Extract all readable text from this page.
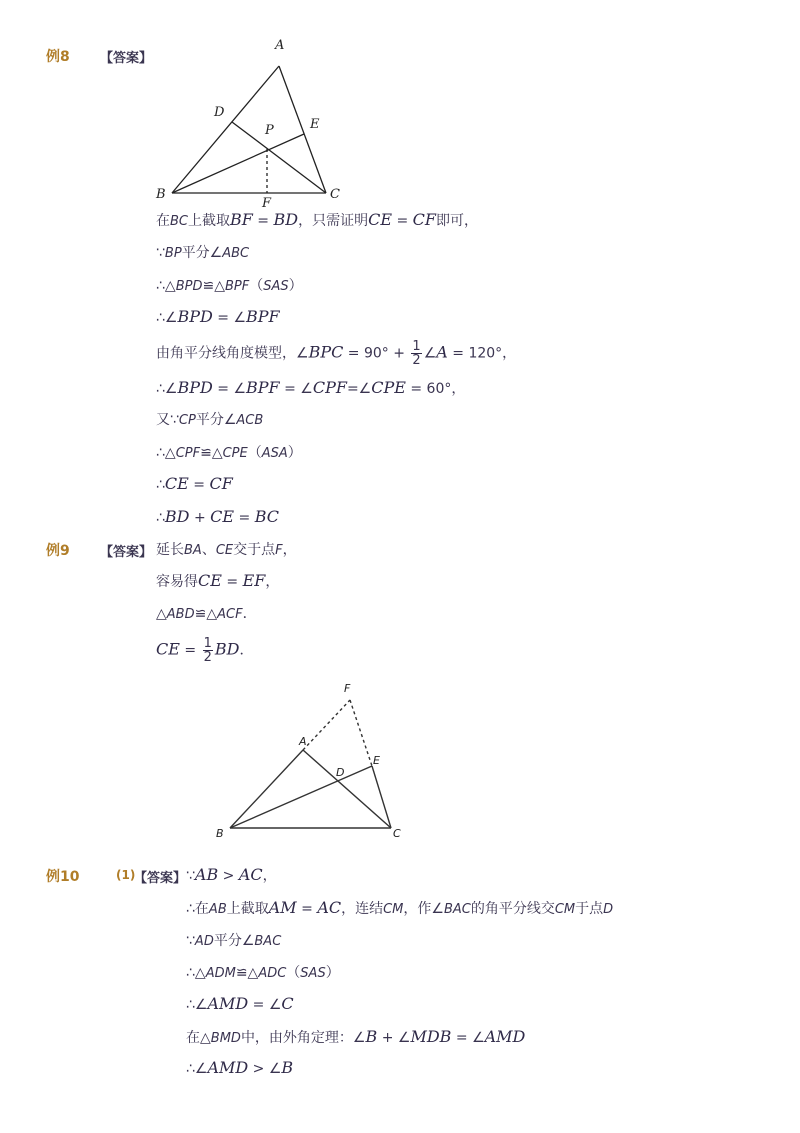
例8 【答案】
A
D
P	E
B
F
C
在BC上截取BF = BD，只需证明CE = CF即可，
∵BP平分∠ABC
∴△BPD≌△BPF（SAS）
∴∠BPD = ∠BPF
由角平分线角度模型，∠BPC = $90^\circ + \frac{1}{2}$ ∠A = 120°，
∴∠BPD = ∠BPF = ∠CPF=∠CPE = 60°，
又∵CP平分∠ACB
∴△CPF≌△CPE（ASA）
∴CE = CF
∴BD + CE = BC
例9 【答案】 延长BA、CE交于点F，
容易得CE = EF，
△ABD≌△ACF．
CE = $\frac{1}{2}$ BD．
F
A
D
E
B	C
例10	(1)
【答案】 ∵AB > AC，
∴在AB上截取AM = AC，连结CM，作∠BAC的角平分线交CM于点D
∵AD平分∠BAC
∴△ADM≌△ADC（SAS）
∴∠AMD = ∠C
在△BMD中，由外角定理：∠B + ∠MDB = ∠AMD
∴∠AMD > ∠B
